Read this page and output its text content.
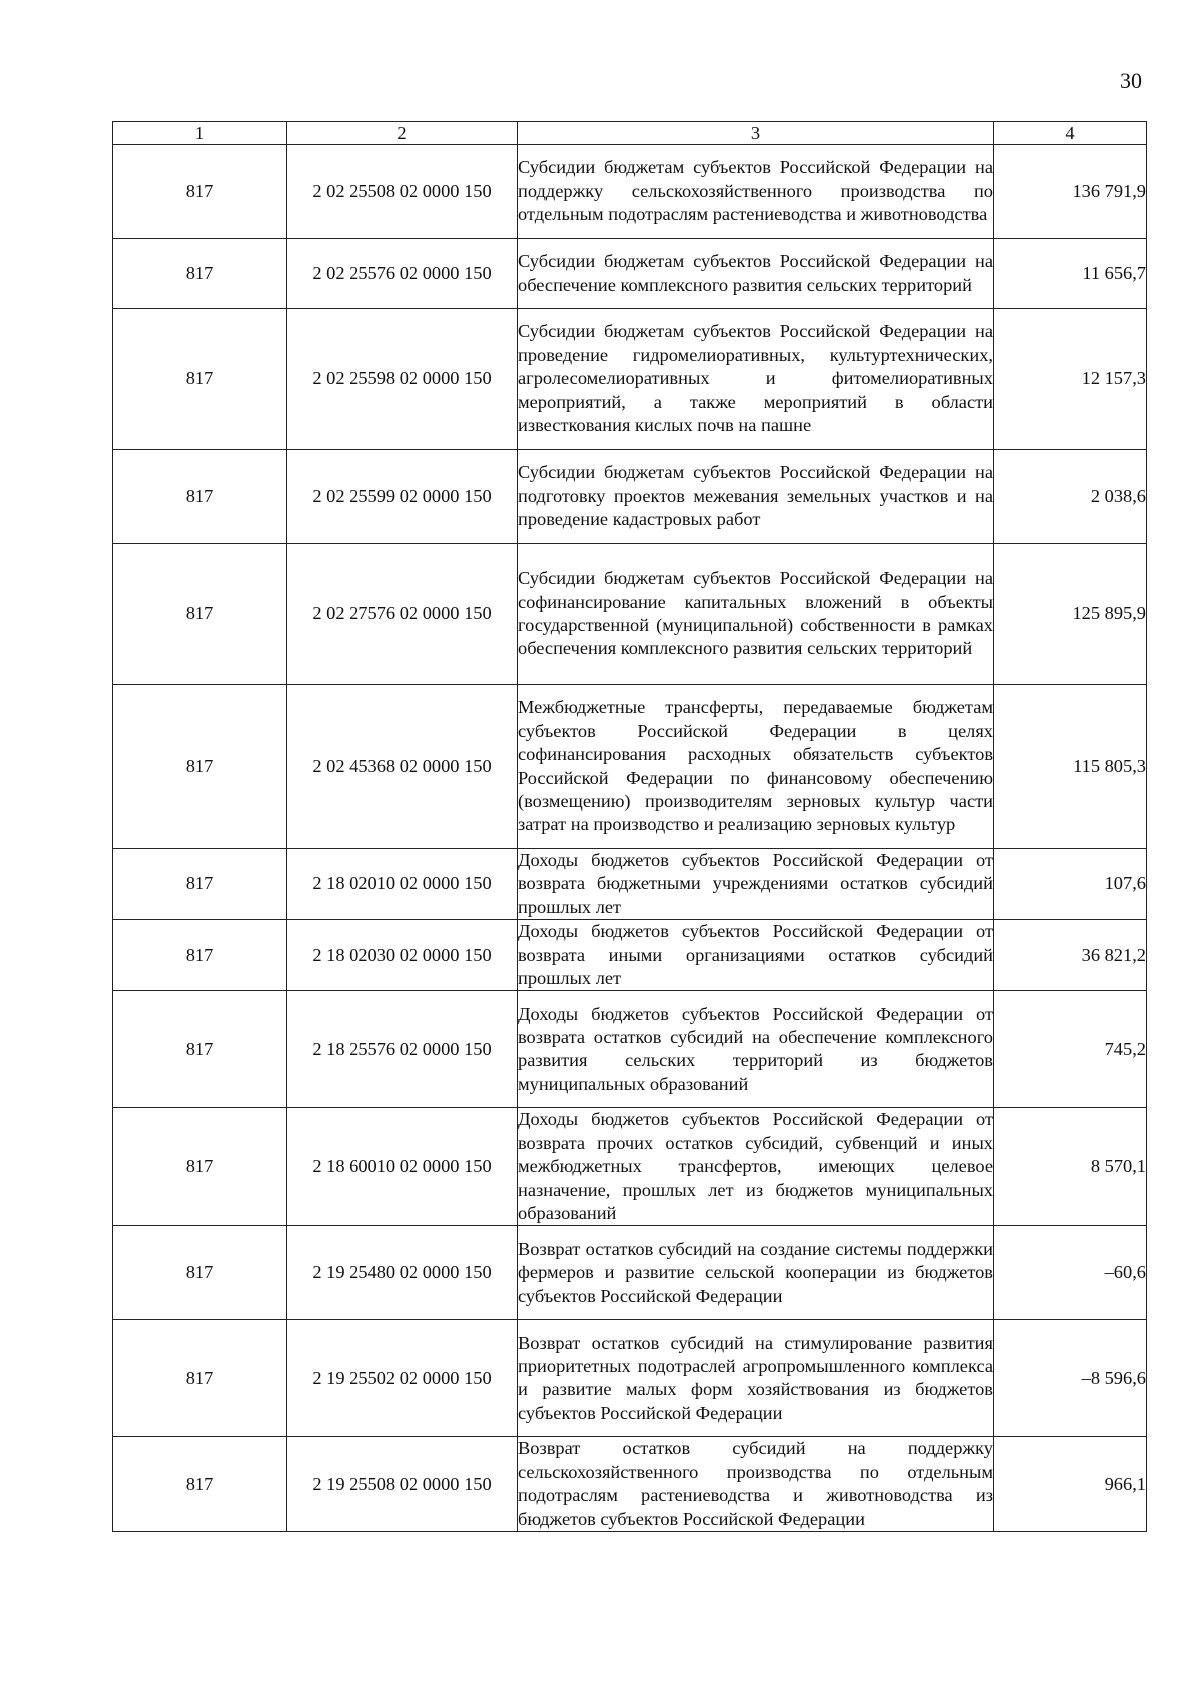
30
1	2	3	4
817	2 02 25508 02 0000 150	Субсидии бюджетам субъектов Российской Федерации на поддержку сельскохозяйственного производства по отдельным подотраслям растениеводства и животноводства	136 791,9
817	2 02 25576 02 0000 150	Субсидии бюджетам субъектов Российской Федерации на обеспечение комплексного развития сельских территорий	11 656,7
817	2 02 25598 02 0000 150	Субсидии бюджетам субъектов Российской Федерации на проведение гидромелиоративных, культуртехнических, агролесомелиоративных и фитомелиоративных мероприятий, а также мероприятий в области известкования кислых почв на пашне	12 157,3
817	2 02 25599 02 0000 150	Субсидии бюджетам субъектов Российской Федерации на подготовку проектов межевания земельных участков и на проведение кадастровых работ	2 038,6
817	2 02 27576 02 0000 150	Субсидии бюджетам субъектов Российской Федерации на софинансирование капитальных вложений в объекты государственной (муниципальной) собственности в рамках обеспечения комплексного развития сельских территорий	125 895,9
817	2 02 45368 02 0000 150	Межбюджетные трансферты, передаваемые бюджетам субъектов Российской Федерации в целях софинансирования расходных обязательств субъектов Российской Федерации по финансовому обеспечению (возмещению) производителям зерновых культур части затрат на производство и реализацию зерновых культур	115 805,3
817	2 18 02010 02 0000 150	Доходы бюджетов субъектов Российской Федерации от возврата бюджетными учреждениями остатков субсидий прошлых лет	107,6
817	2 18 02030 02 0000 150	Доходы бюджетов субъектов Российской Федерации от возврата иными организациями остатков субсидий прошлых лет	36 821,2
817	2 18 25576 02 0000 150	Доходы бюджетов субъектов Российской Федерации от возврата остатков субсидий на обеспечение комплексного развития сельских территорий из бюджетов муниципальных образований	745,2
817	2 18 60010 02 0000 150	Доходы бюджетов субъектов Российской Федерации от возврата прочих остатков субсидий, субвенций и иных межбюджетных трансфертов, имеющих целевое назначение, прошлых лет из бюджетов муниципальных образований	8 570,1
817	2 19 25480 02 0000 150	Возврат остатков субсидий на создание системы поддержки фермеров и развитие сельской кооперации из бюджетов субъектов Российской Федерации	–60,6
817	2 19 25502 02 0000 150	Возврат остатков субсидий на стимулирование развития приоритетных подотраслей агропромышленного комплекса и развитие малых форм хозяйствования из бюджетов субъектов Российской Федерации	–8 596,6
817	2 19 25508 02 0000 150	Возврат остатков субсидий на поддержку сельскохозяйственного производства по отдельным подотраслям растениеводства и животноводства из бюджетов субъектов Российской Федерации	966,1
